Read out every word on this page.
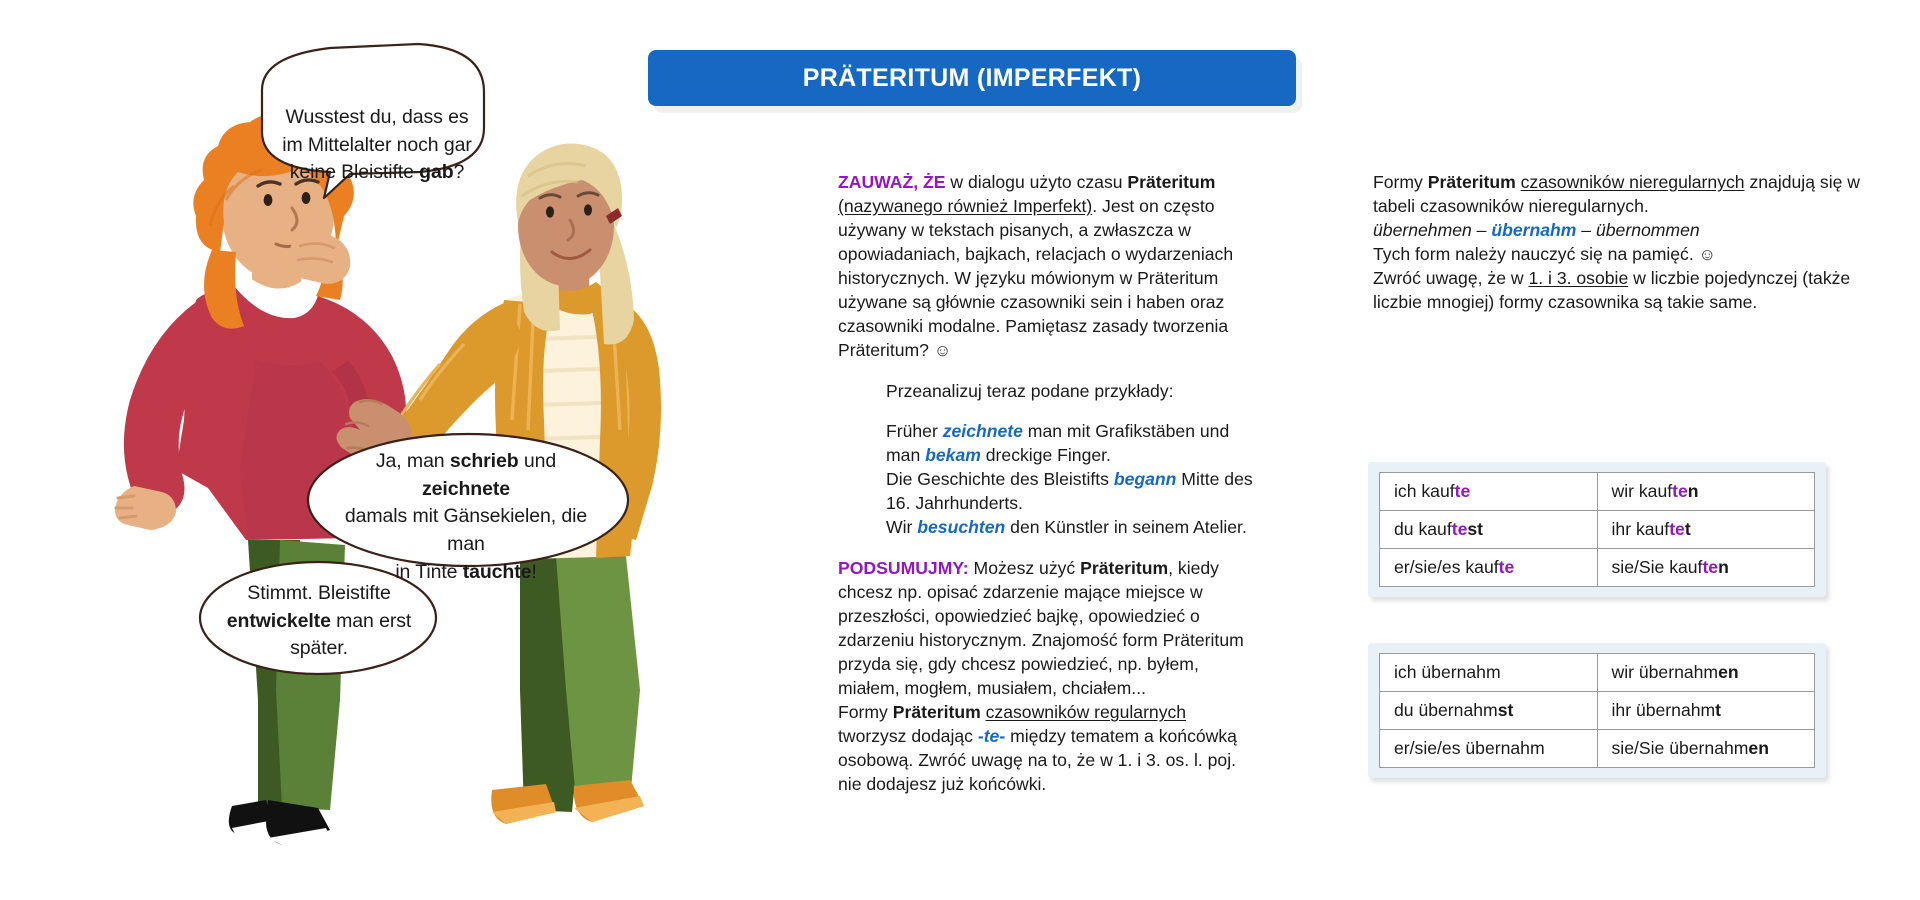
Wusstest du, dass es
im Mittelalter noch gar
keine Bleistifte gab?
Ja, man schrieb und zeichnete
damals mit Gänsekielen, die man
in Tinte tauchte!
Stimmt. Bleistifte
entwickelte man erst
später.
PRÄTERITUM (IMPERFEKT)

ZAUWAŻ, ŻE w dialogu użyto czasu Präteritum (nazywanego również Imperfekt). Jest on często używany w tekstach pisanych, a zwłaszcza w opowiadaniach, bajkach, relacjach o wydarzeniach historycznych. W języku mówionym w Präteritum używane są głównie czasowniki sein i haben oraz czasowniki modalne. Pamiętasz zasady tworzenia Präteritum? ☺

Przeanalizuj teraz podane przykłady:

Früher zeichnete man mit Grafikstäben und man bekam dreckige Finger.

Die Geschichte des Bleistifts begann Mitte des 16. Jahrhunderts.

Wir besuchten den Künstler in seinem Atelier.

PODSUMUJMY: Możesz użyć Präteritum, kiedy chcesz np. opisać zdarzenie mające miejsce w przeszłości, opowiedzieć bajkę, opowiedzieć o zdarzeniu historycznym. Znajomość form Präteritum przyda się, gdy chcesz powiedzieć, np. byłem, miałem, mogłem, musiałem, chciałem...

Formy Präteritum czasowników regularnych tworzysz dodając -te- między tematem a końcówką osobową. Zwróć uwagę na to, że w 1. i 3. os. l. poj. nie dodajesz już końcówki.

Formy Präteritum czasowników nieregularnych znajdują się w tabeli czasowników nieregularnych.

übernehmen – übernahm – übernommen

Tych form należy nauczyć się na pamięć. ☺

Zwróć uwagę, że w 1. i 3. osobie w liczbie pojedynczej (także liczbie mnogiej) formy czasownika są takie same.

ich kaufte	wir kauften
du kauftest	ihr kauftet
er/sie/es kaufte	sie/Sie kauften
ich übernahm	wir übernahmen
du übernahmst	ihr übernahmt
er/sie/es übernahm	sie/Sie übernahmen
